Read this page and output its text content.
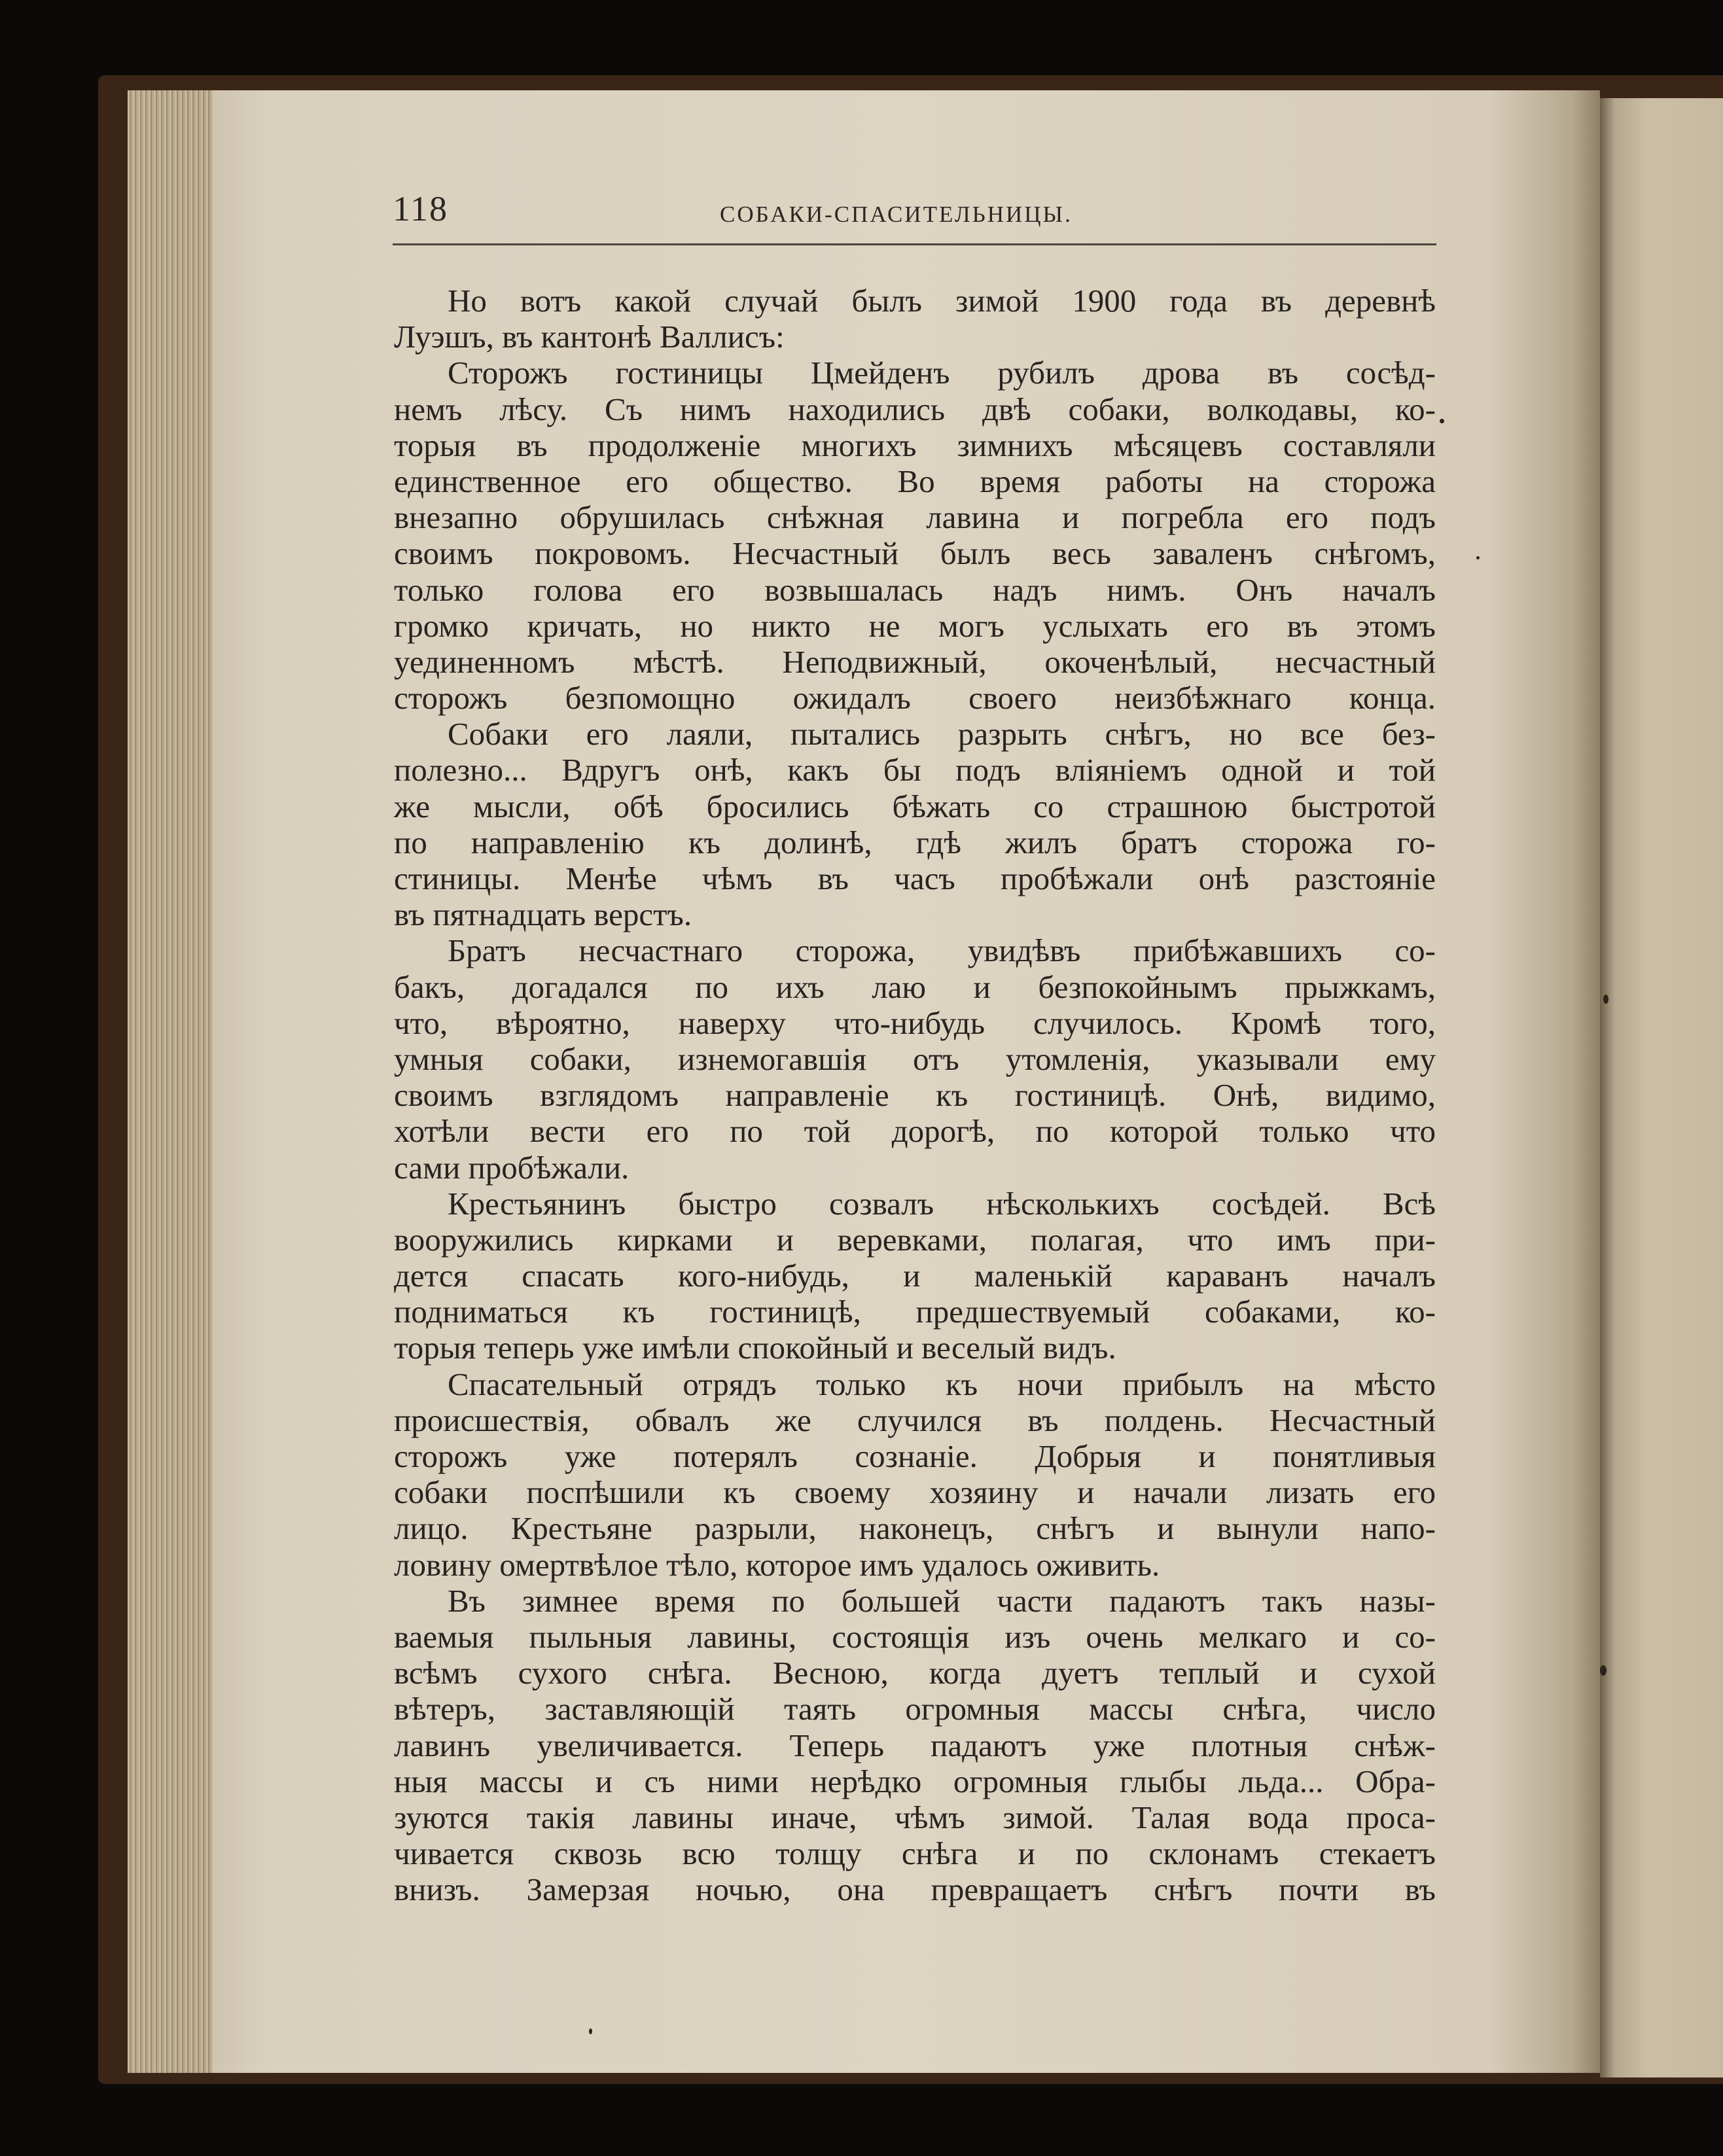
118	СОБАКИ-СПАСИТЕЛЬНИЦЫ.
Но вотъ какой случай былъ зимой 1900 года въ деревнѣ
Луэшъ, въ кантонѣ Валлисъ:
Сторожъ гостиницы Цмейденъ рубилъ дрова въ сосѣд-
немъ лѣсу. Съ нимъ находились двѣ собаки, волкодавы, ко-
торыя въ продолженіе многихъ зимнихъ мѣсяцевъ составляли
единственное его общество. Во время работы на сторожа
внезапно обрушилась снѣжная лавина и погребла его подъ
своимъ покровомъ. Несчастный былъ весь заваленъ снѣгомъ,
только голова его возвышалась надъ нимъ. Онъ началъ
громко кричать, но никто не могъ услыхать его въ этомъ
уединенномъ мѣстѣ. Неподвижный, окоченѣлый, несчастный
сторожъ безпомощно ожидалъ своего неизбѣжнаго конца.
Собаки его лаяли, пытались разрыть снѣгъ, но все без-
полезно... Вдругъ онѣ, какъ бы подъ вліяніемъ одной и той
же мысли, обѣ бросились бѣжать со страшною быстротой
по направленію къ долинѣ, гдѣ жилъ братъ сторожа го-
стиницы. Менѣе чѣмъ въ часъ пробѣжали онѣ разстояніе
въ пятнадцать верстъ.
Братъ несчастнаго сторожа, увидѣвъ прибѣжавшихъ со-
бакъ, догадался по ихъ лаю и безпокойнымъ прыжкамъ,
что, вѣроятно, наверху что-нибудь случилось. Кромѣ того,
умныя собаки, изнемогавшія отъ утомленія, указывали ему
своимъ взглядомъ направленіе къ гостиницѣ. Онѣ, видимо,
хотѣли вести его по той дорогѣ, по которой только что
сами пробѣжали.
Крестьянинъ быстро созвалъ нѣсколькихъ сосѣдей. Всѣ
вооружились кирками и веревками, полагая, что имъ при-
дется спасать кого-нибудь, и маленькій караванъ началъ
подниматься къ гостиницѣ, предшествуемый собаками, ко-
торыя теперь уже имѣли спокойный и веселый видъ.
Спасательный отрядъ только къ ночи прибылъ на мѣсто
происшествія, обвалъ же случился въ полдень. Несчастный
сторожъ уже потерялъ сознаніе. Добрыя и понятливыя
собаки поспѣшили къ своему хозяину и начали лизать его
лицо. Крестьяне разрыли, наконецъ, снѣгъ и вынули напо-
ловину омертвѣлое тѣло, которое имъ удалось оживить.
Въ зимнее время по большей части падаютъ такъ назы-
ваемыя пыльныя лавины, состоящія изъ очень мелкаго и со-
всѣмъ сухого снѣга. Весною, когда дуетъ теплый и сухой
вѣтеръ, заставляющій таять огромныя массы снѣга, число
лавинъ увеличивается. Теперь падаютъ уже плотныя снѣж-
ныя массы и съ ними нерѣдко огромныя глыбы льда... Обра-
зуются такія лавины иначе, чѣмъ зимой. Талая вода проса-
чивается сквозь всю толщу снѣга и по склонамъ стекаетъ
внизъ. Замерзая ночью, она превращаетъ снѣгъ почти въ
